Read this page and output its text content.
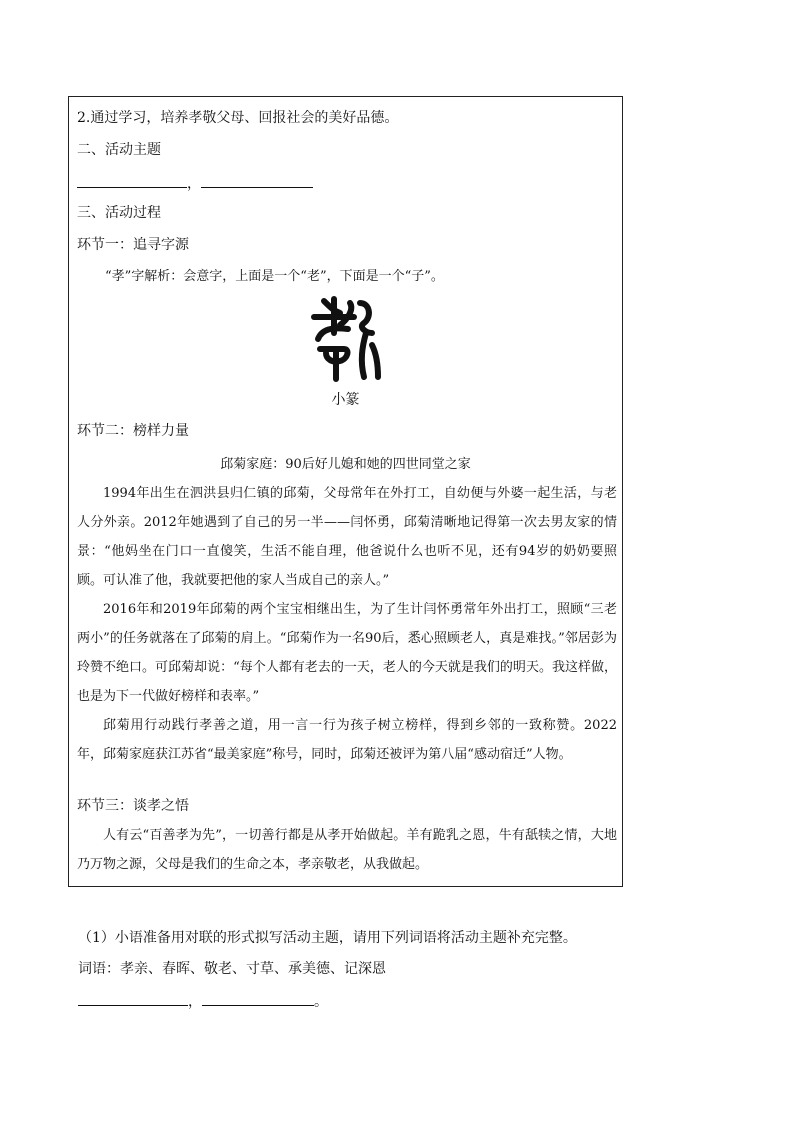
2.通过学习，培养孝敬父母、回报社会的美好品德。
二、活动主题
，
三、活动过程
环节一：追寻字源
“孝”字解析：会意字，上面是一个“老”，下面是一个“子”。
小篆
环节二：榜样力量
邱菊家庭：90后好儿媳和她的四世同堂之家
1994年出生在泗洪县归仁镇的邱菊，父母常年在外打工，自幼便与外婆一起生活，与老人分外亲。2012年她遇到了自己的另一半——闫怀勇，邱菊清晰地记得第一次去男友家的情景：“他妈坐在门口一直傻笑，生活不能自理，他爸说什么也听不见，还有94岁的奶奶要照顾。可认准了他，我就要把他的家人当成自己的亲人。”
2016年和2019年邱菊的两个宝宝相继出生，为了生计闫怀勇常年外出打工，照顾“三老两小”的任务就落在了邱菊的肩上。“邱菊作为一名90后，悉心照顾老人，真是难找。”邻居彭为玲赞不绝口。可邱菊却说：“每个人都有老去的一天，老人的今天就是我们的明天。我这样做，也是为下一代做好榜样和表率。”
邱菊用行动践行孝善之道，用一言一行为孩子树立榜样，得到乡邻的一致称赞。2022年，邱菊家庭获江苏省“最美家庭”称号，同时，邱菊还被评为第八届“感动宿迁”人物。
环节三：谈孝之悟
人有云“百善孝为先”，一切善行都是从孝开始做起。羊有跪乳之恩，牛有舐犊之情，大地乃万物之源，父母是我们的生命之本，孝亲敬老，从我做起。
（1）小语准备用对联的形式拟写活动主题，请用下列词语将活动主题补充完整。
词语：孝亲、春晖、敬老、寸草、承美德、记深恩
，	。
